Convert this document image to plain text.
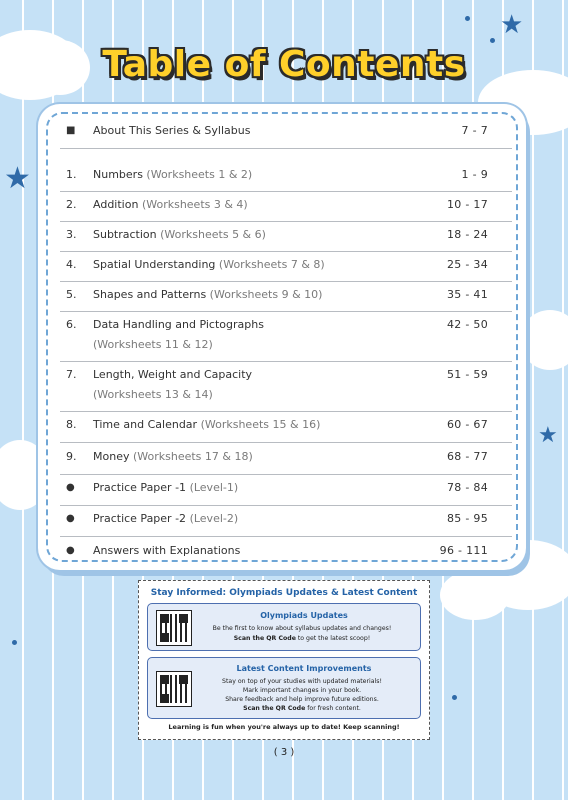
★
★
★
Table of Contents
■ About This Series & Syllabus	7 - 7
1. Numbers (Worksheets 1 & 2)	1 - 9
2. Addition (Worksheets 3 & 4)	10 - 17
3. Subtraction (Worksheets 5 & 6)	18 - 24
4. Spatial Understanding (Worksheets 7 & 8)	25 - 34
5. Shapes and Patterns (Worksheets 9 & 10)	35 - 41
6. Data Handling and Pictographs
(Worksheets 11 & 12)
42 - 50
7. Length, Weight and Capacity
(Worksheets 13 & 14)
51 - 59
8. Time and Calendar (Worksheets 15 & 16)	60 - 67
9. Money (Worksheets 17 & 18)	68 - 77
● Practice Paper -1 (Level-1)	78 - 84
● Practice Paper -2 (Level-2)	85 - 95
● Answers with Explanations	96 - 111
Stay Informed: Olympiads Updates & Latest Content
Olympiads Updates
Be the first to know about syllabus updates and changes!
Scan the QR Code to get the latest scoop!
Latest Content Improvements
Stay on top of your studies with updated materials!
Mark important changes in your book.
Share feedback and help improve future editions.
Scan the QR Code for fresh content.
Learning is fun when you're always up to date! Keep scanning!
( 3 )
